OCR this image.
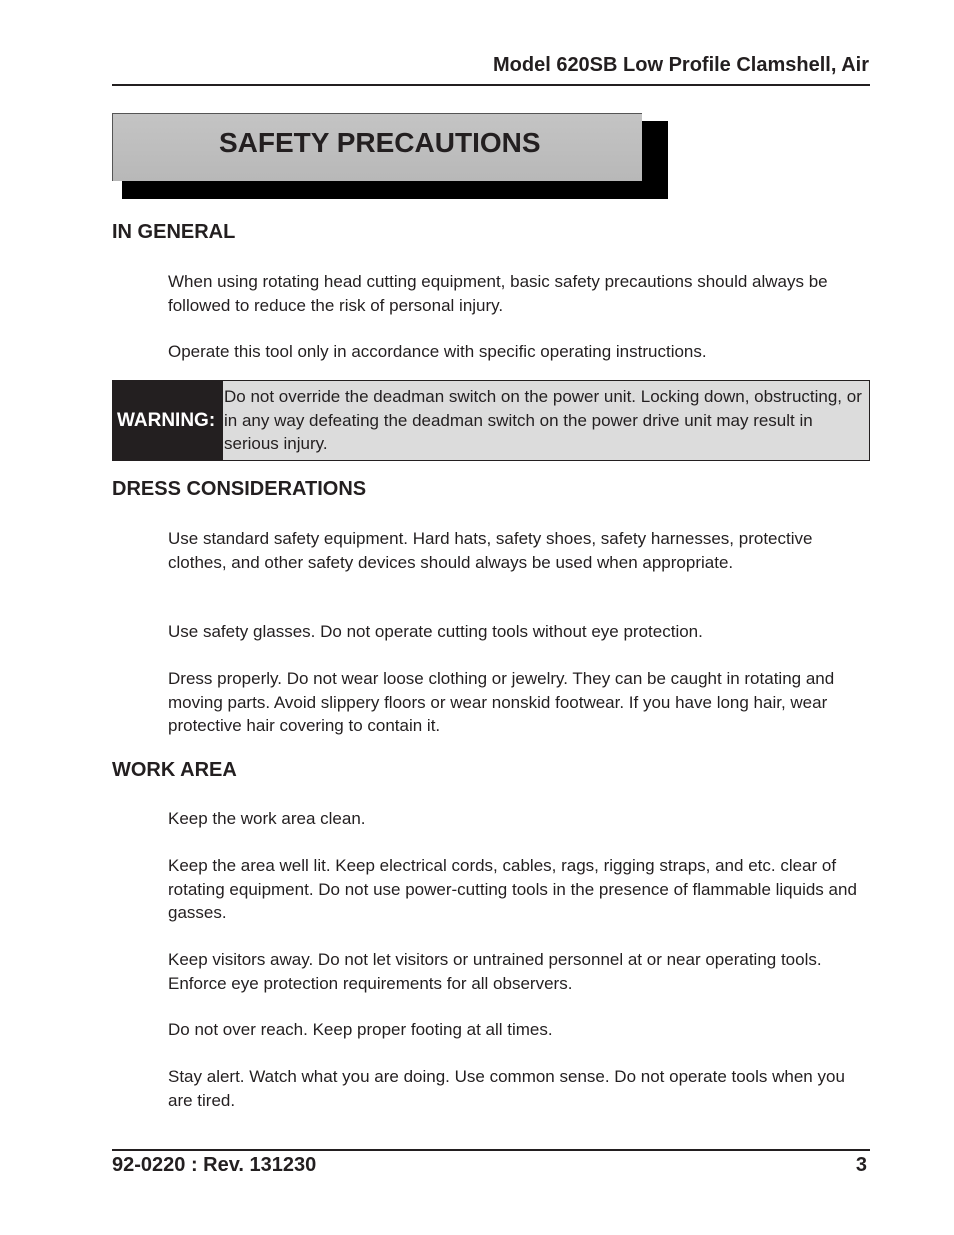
Model 620SB Low Profile Clamshell, Air
SAFETY PRECAUTIONS
IN GENERAL
When using rotating head cutting equipment, basic safety precautions should always be followed to reduce the risk of personal injury.
Operate this tool only in accordance with specific operating instructions.
WARNING:
Do not override the deadman switch on the power unit. Locking down, obstructing, or in any way defeating the deadman switch on the power drive unit may result in serious injury.
DRESS CONSIDERATIONS
Use standard safety equipment. Hard hats, safety shoes, safety harnesses, protective clothes, and other safety devices should always be used when appropriate.
Use safety glasses. Do not operate cutting tools without eye protection.
Dress properly. Do not wear loose clothing or jewelry. They can be caught in rotating and moving parts. Avoid slippery floors or wear nonskid footwear. If you have long hair, wear protective hair covering to contain it.
WORK AREA
Keep the work area clean.
Keep the area well lit. Keep electrical cords, cables, rags, rigging straps, and etc. clear of rotating equipment. Do not use power-cutting tools in the presence of flammable liquids and gasses.
Keep visitors away. Do not let visitors or untrained personnel at or near operating tools. Enforce eye protection requirements for all observers.
Do not over reach. Keep proper footing at all times.
Stay alert. Watch what you are doing. Use common sense. Do not operate tools when you are tired.
92-0220 : Rev. 131230	3
